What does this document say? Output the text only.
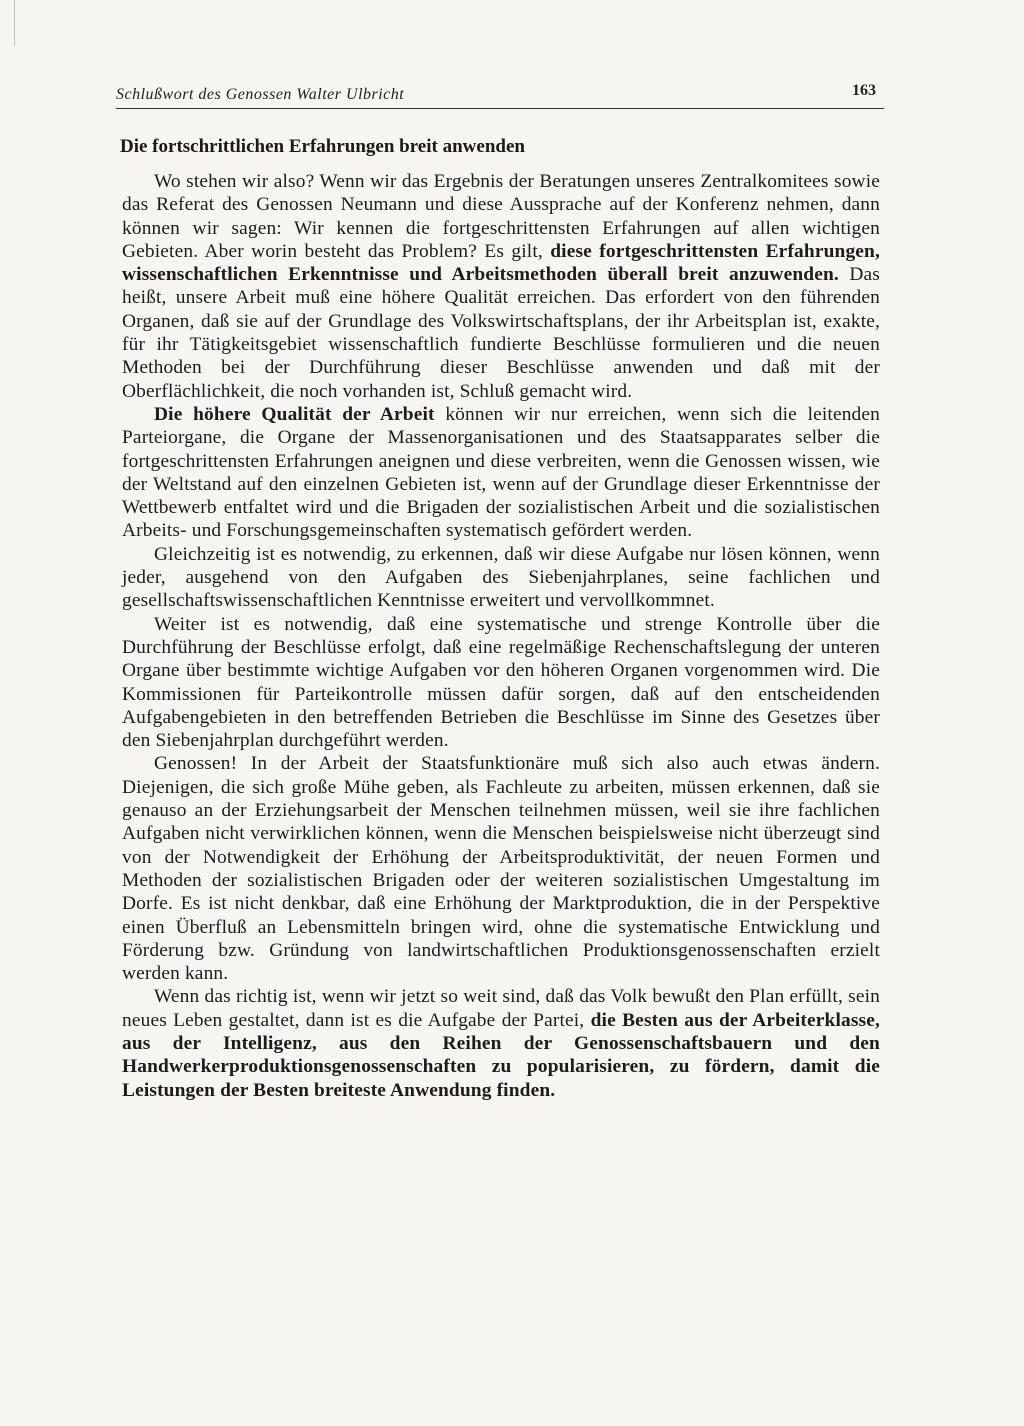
Schlußwort des Genossen Walter Ulbricht	163
Die fortschrittlichen Erfahrungen breit anwenden

Wo stehen wir also? Wenn wir das Ergebnis der Beratungen unseres Zentralkomitees sowie das Referat des Genossen Neumann und diese Aussprache auf der Konferenz nehmen, dann können wir sagen: Wir kennen die fortgeschrittensten Erfahrungen auf allen wichtigen Gebieten. Aber worin besteht das Problem? Es gilt, diese fortgeschrittensten Erfahrungen, wissenschaftlichen Erkenntnisse und Arbeitsmethoden überall breit anzuwenden. Das heißt, unsere Arbeit muß eine höhere Qualität erreichen. Das erfordert von den führenden Organen, daß sie auf der Grundlage des Volkswirtschaftsplans, der ihr Arbeitsplan ist, exakte, für ihr Tätigkeitsgebiet wissenschaftlich fundierte Beschlüsse formulieren und die neuen Methoden bei der Durchführung dieser Beschlüsse anwenden und daß mit der Oberflächlichkeit, die noch vorhanden ist, Schluß gemacht wird.

Die höhere Qualität der Arbeit können wir nur erreichen, wenn sich die leitenden Parteiorgane, die Organe der Massenorganisationen und des Staatsapparates selber die fortgeschrittensten Erfahrungen aneignen und diese verbreiten, wenn die Genossen wissen, wie der Weltstand auf den einzelnen Gebieten ist, wenn auf der Grundlage dieser Erkenntnisse der Wettbewerb entfaltet wird und die Brigaden der sozialistischen Arbeit und die sozialistischen Arbeits- und Forschungsgemeinschaften systematisch gefördert werden.

Gleichzeitig ist es notwendig, zu erkennen, daß wir diese Aufgabe nur lösen können, wenn jeder, ausgehend von den Aufgaben des Siebenjahrplanes, seine fachlichen und gesellschaftswissenschaftlichen Kenntnisse erweitert und vervollkommnet.

Weiter ist es notwendig, daß eine systematische und strenge Kontrolle über die Durchführung der Beschlüsse erfolgt, daß eine regelmäßige Rechenschaftslegung der unteren Organe über bestimmte wichtige Aufgaben vor den höheren Organen vorgenommen wird. Die Kommissionen für Parteikontrolle müssen dafür sorgen, daß auf den entscheidenden Aufgabengebieten in den betreffenden Betrieben die Beschlüsse im Sinne des Gesetzes über den Siebenjahrplan durchgeführt werden.

Genossen! In der Arbeit der Staatsfunktionäre muß sich also auch etwas ändern. Diejenigen, die sich große Mühe geben, als Fachleute zu arbeiten, müssen erkennen, daß sie genauso an der Erziehungsarbeit der Menschen teilnehmen müssen, weil sie ihre fachlichen Aufgaben nicht verwirklichen können, wenn die Menschen beispielsweise nicht überzeugt sind von der Notwendigkeit der Erhöhung der Arbeitsproduktivität, der neuen Formen und Methoden der sozialistischen Brigaden oder der weiteren sozialistischen Umgestaltung im Dorfe. Es ist nicht denkbar, daß eine Erhöhung der Marktproduktion, die in der Perspektive einen Überfluß an Lebensmitteln bringen wird, ohne die systematische Entwicklung und Förderung bzw. Gründung von landwirtschaftlichen Produktionsgenossenschaften erzielt werden kann.

Wenn das richtig ist, wenn wir jetzt so weit sind, daß das Volk bewußt den Plan erfüllt, sein neues Leben gestaltet, dann ist es die Aufgabe der Partei, die Besten aus der Arbeiterklasse, aus der Intelligenz, aus den Reihen der Genossenschaftsbauern und den Handwerkerproduktionsgenossenschaften zu popularisieren, zu fördern, damit die Leistungen der Besten breiteste Anwendung finden.
